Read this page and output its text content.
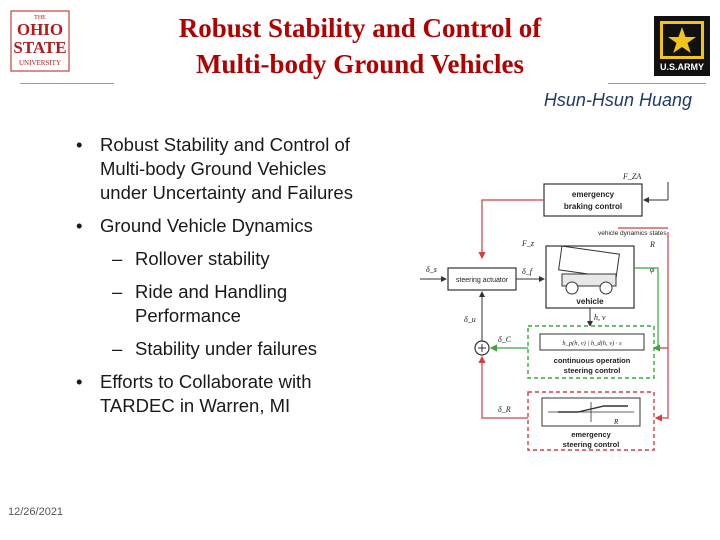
THE
OHIO
STATE
UNIVERSITY
Robust Stability and Control of
Multi-body Ground Vehicles	U.S.ARMY
Hsun-Hsun Huang
• Robust Stability and Control of
Multi-body Ground Vehicles
under Uncertainty and Failures
• Ground Vehicle Dynamics
– Rollover stability
– Ride and Handling
Performance
– Stability under failures
• Efforts to Collaborate with
TARDEC in Warren, MI
emergency
braking control
F_ZA
F_z
vehicle dynamics states
R
steering actuator
δ_s	δ_f
vehicle
φ
h, v
h_p(h, v) | h_d(h, v) · s
continuous operation
steering control
δ_u
δ_C
R
emergency
steering control
δ_R
12/26/2021
